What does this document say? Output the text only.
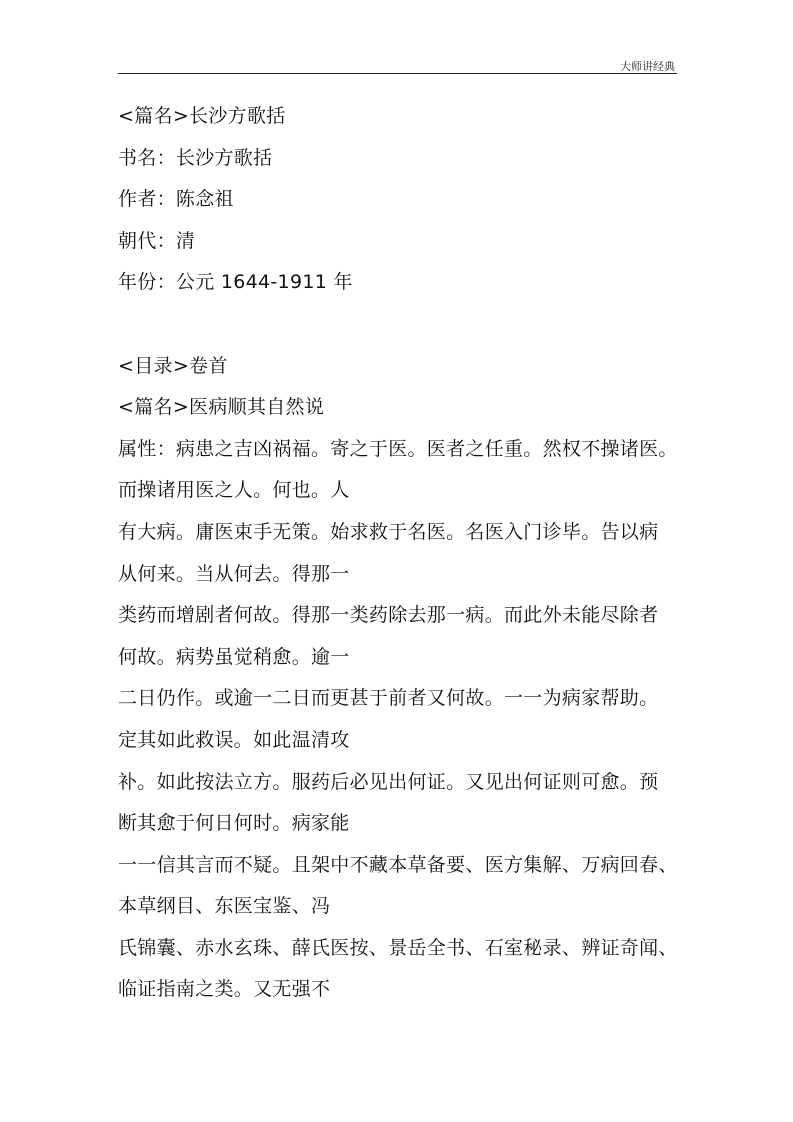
大师讲经典
<篇名>长沙方歌括
书名：长沙方歌括
作者：陈念祖
朝代：清
年份：公元 1644-1911 年
<目录>卷首
<篇名>医病顺其自然说
属性：病患之吉凶祸福。寄之于医。医者之任重。然权不操诸医。
而操诸用医之人。何也。人
有大病。庸医束手无策。始求救于名医。名医入门诊毕。告以病
从何来。当从何去。得那一
类药而增剧者何故。得那一类药除去那一病。而此外未能尽除者
何故。病势虽觉稍愈。逾一
二日仍作。或逾一二日而更甚于前者又何故。一一为病家帮助。
定其如此救误。如此温清攻
补。如此按法立方。服药后必见出何证。又见出何证则可愈。预
断其愈于何日何时。病家能
一一信其言而不疑。且架中不藏本草备要、医方集解、万病回春、
本草纲目、东医宝鉴、冯
氏锦囊、赤水玄珠、薛氏医按、景岳全书、石室秘录、辨证奇闻、
临证指南之类。又无强不
